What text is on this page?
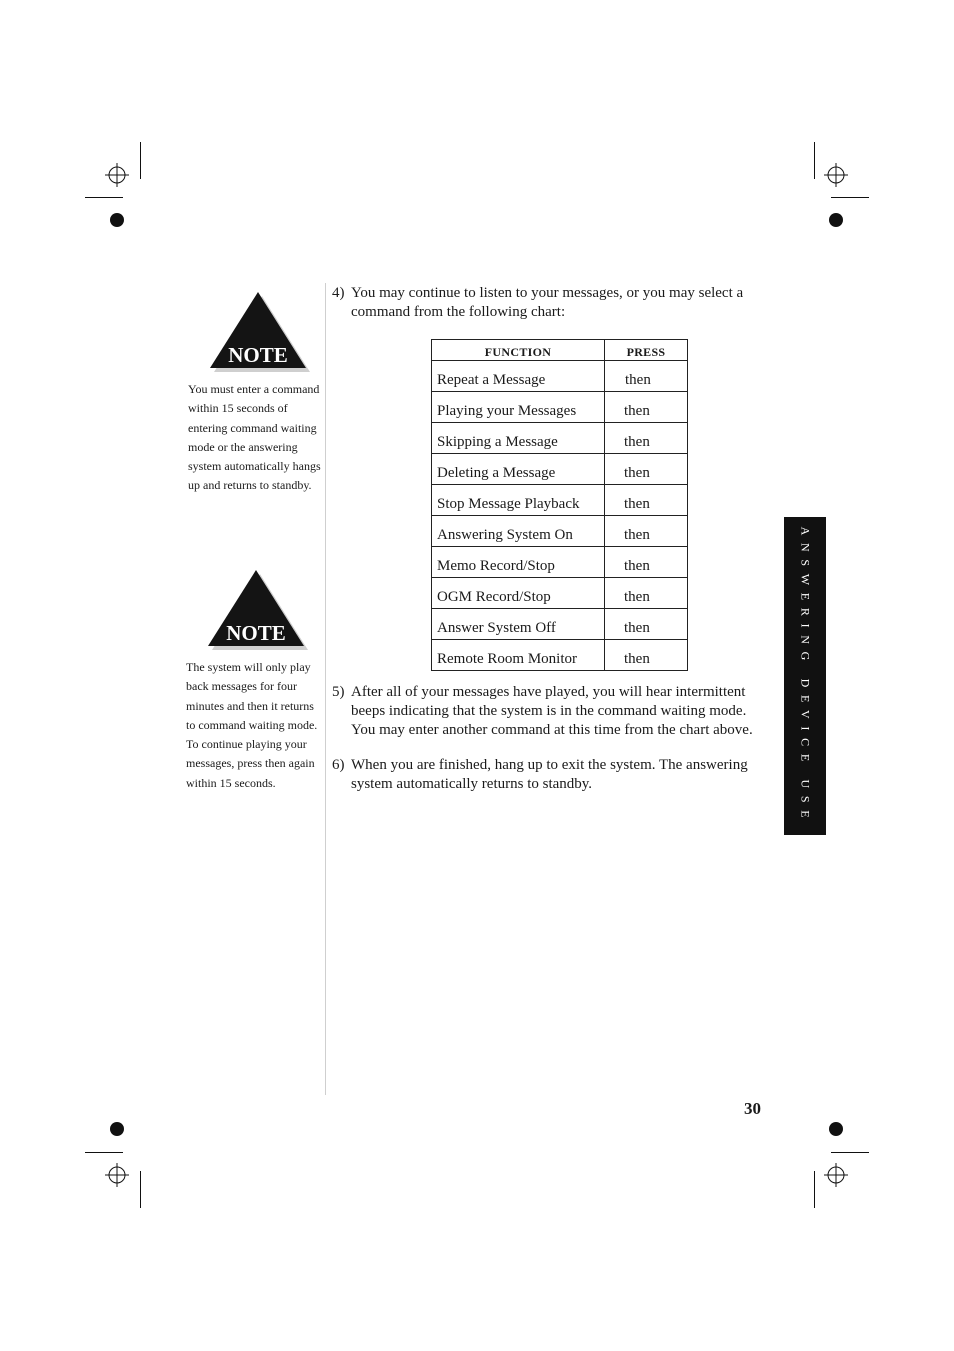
NOTE
You must enter a command within 15 seconds of entering command waiting mode or the answering system automatically hangs up and returns to standby.
NOTE
The system will only play back messages for four minutes and then it returns to command waiting mode. To continue playing your messages, press then again within 15 seconds.
4) You may continue to listen to your messages, or you may select a command from the following chart:
FUNCTION	PRESS
Repeat a Message	then
Playing your Messages	then
Skipping a Message	then
Deleting a Message	then
Stop Message Playback	then
Answering System On	then
Memo Record/Stop	then
OGM Record/Stop	then
Answer System Off	then
Remote Room Monitor	then
5) After all of your messages have played, you will hear intermittent beeps indicating that the system is in the command waiting mode. You may enter another command at this time from the chart above.
6) When you are finished, hang up to exit the system. The answering system automatically returns to standby.	ANSWERING DEVICE USE
30
